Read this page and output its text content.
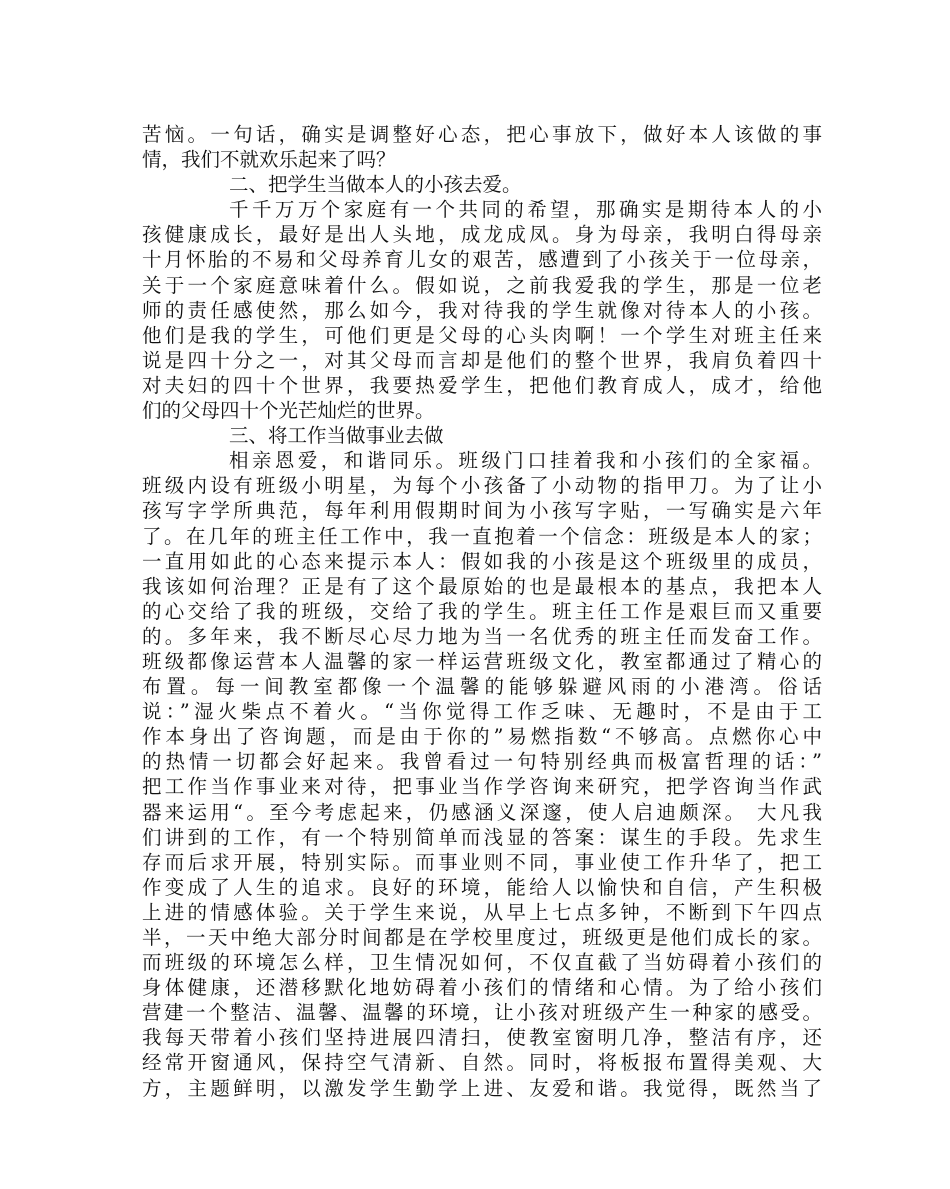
苦恼。一句话，确实是调整好心态，把心事放下，做好本人该做的事
情，我们不就欢乐起来了吗？
二、把学生当做本人的小孩去爱。
千千万万个家庭有一个共同的希望，那确实是期待本人的小
孩健康成长，最好是出人头地，成龙成凤。身为母亲，我明白得母亲
十月怀胎的不易和父母养育儿女的艰苦，感遭到了小孩关于一位母亲，
关于一个家庭意味着什么。假如说，之前我爱我的学生，那是一位老
师的责任感使然，那么如今，我对待我的学生就像对待本人的小孩。
他们是我的学生，可他们更是父母的心头肉啊！一个学生对班主任来
说是四十分之一，对其父母而言却是他们的整个世界，我肩负着四十
对夫妇的四十个世界，我要热爱学生，把他们教育成人，成才，给他
们的父母四十个光芒灿烂的世界。
三、将工作当做事业去做
相亲恩爱，和谐同乐。班级门口挂着我和小孩们的全家福。
班级内设有班级小明星，为每个小孩备了小动物的指甲刀。为了让小
孩写字学所典范，每年利用假期时间为小孩写字贴，一写确实是六年
了。在几年的班主任工作中，我一直抱着一个信念：班级是本人的家；
一直用如此的心态来提示本人：假如我的小孩是这个班级里的成员，
我该如何治理？正是有了这个最原始的也是最根本的基点，我把本人
的心交给了我的班级，交给了我的学生。班主任工作是艰巨而又重要
的。多年来，我不断尽心尽力地为当一名优秀的班主任而发奋工作。
班级都像运营本人温馨的家一样运营班级文化，教室都通过了精心的
布置。每一间教室都像一个温馨的能够躲避风雨的小港湾。俗话
说：”湿火柴点不着火。“当你觉得工作乏味、无趣时，不是由于工
作本身出了咨询题，而是由于你的”易燃指数“不够高。点燃你心中
的热情一切都会好起来。我曾看过一句特别经典而极富哲理的话：”
把工作当作事业来对待，把事业当作学咨询来研究，把学咨询当作武
器来运用“。至今考虑起来，仍感涵义深邃，使人启迪颇深。 大凡我
们讲到的工作，有一个特别简单而浅显的答案：谋生的手段。先求生
存而后求开展，特别实际。而事业则不同，事业使工作升华了，把工
作变成了人生的追求。良好的环境，能给人以愉快和自信，产生积极
上进的情感体验。关于学生来说，从早上七点多钟，不断到下午四点
半，一天中绝大部分时间都是在学校里度过，班级更是他们成长的家。
而班级的环境怎么样，卫生情况如何，不仅直截了当妨碍着小孩们的
身体健康，还潜移默化地妨碍着小孩们的情绪和心情。为了给小孩们
营建一个整洁、温馨、温馨的环境，让小孩对班级产生一种家的感受。
我每天带着小孩们坚持进展四清扫，使教室窗明几净，整洁有序，还
经常开窗通风，保持空气清新、自然。同时，将板报布置得美观、大
方，主题鲜明，以激发学生勤学上进、友爱和谐。我觉得，既然当了
